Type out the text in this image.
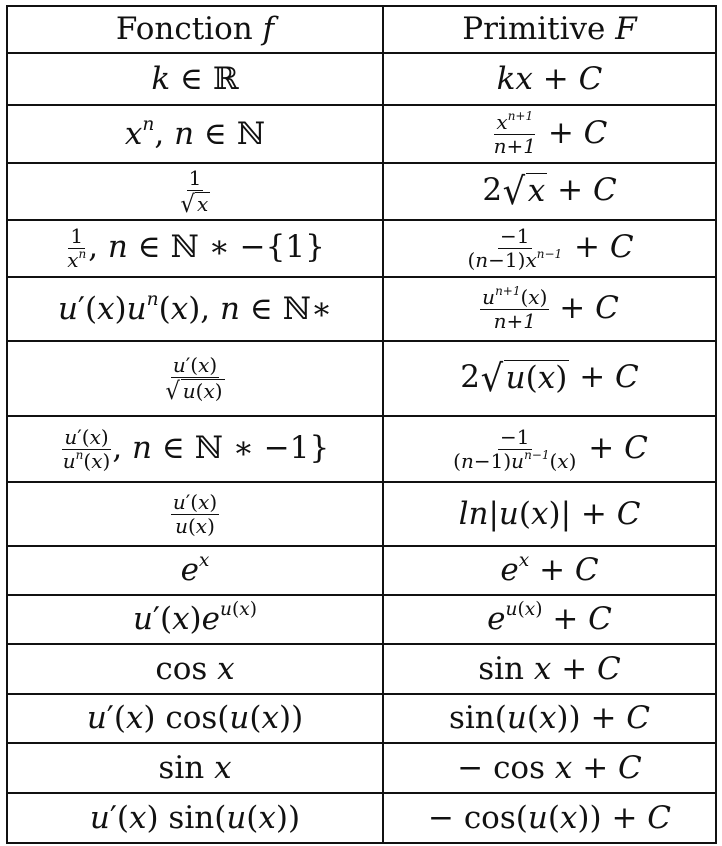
Fonction f	Primitive F
k ∈ ℝ	kx + C
$x^n$, n ∈ ℕ	$\frac{x^{n+1}}{n+1} + C$

$\frac{1}{√ x}$	2 √ x + C

$\frac{1}{x^n}$ , n ∈ ℕ ∗ −{1}	$\frac{-1}{(n-1)x^{n-1}} + C$
$u'(x)u^n(x)$, n ∈ ℕ∗	$\frac{u^{n+1}(x)}{n+1} + C$

$\frac{u'(x)}{√ u(x)}$	2 √ u(x) + C

$\frac{u'(x)}{u^n(x)}$ , n ∈ ℕ ∗ −1}	$\frac{-1}{(n-1)u^{n-1}(x)} + C$

$\frac{u'(x)}{u(x)}$	ln|u(x)| + C
$e^x$	$e^x + C$
$u'(x)e^{u(x)}$	$e^{u(x)} + C$
cos x	sin x + C
u′(x) cos(u(x))	sin(u(x)) + C
sin x	− cos x + C
u′(x) sin(u(x))	− cos(u(x)) + C
